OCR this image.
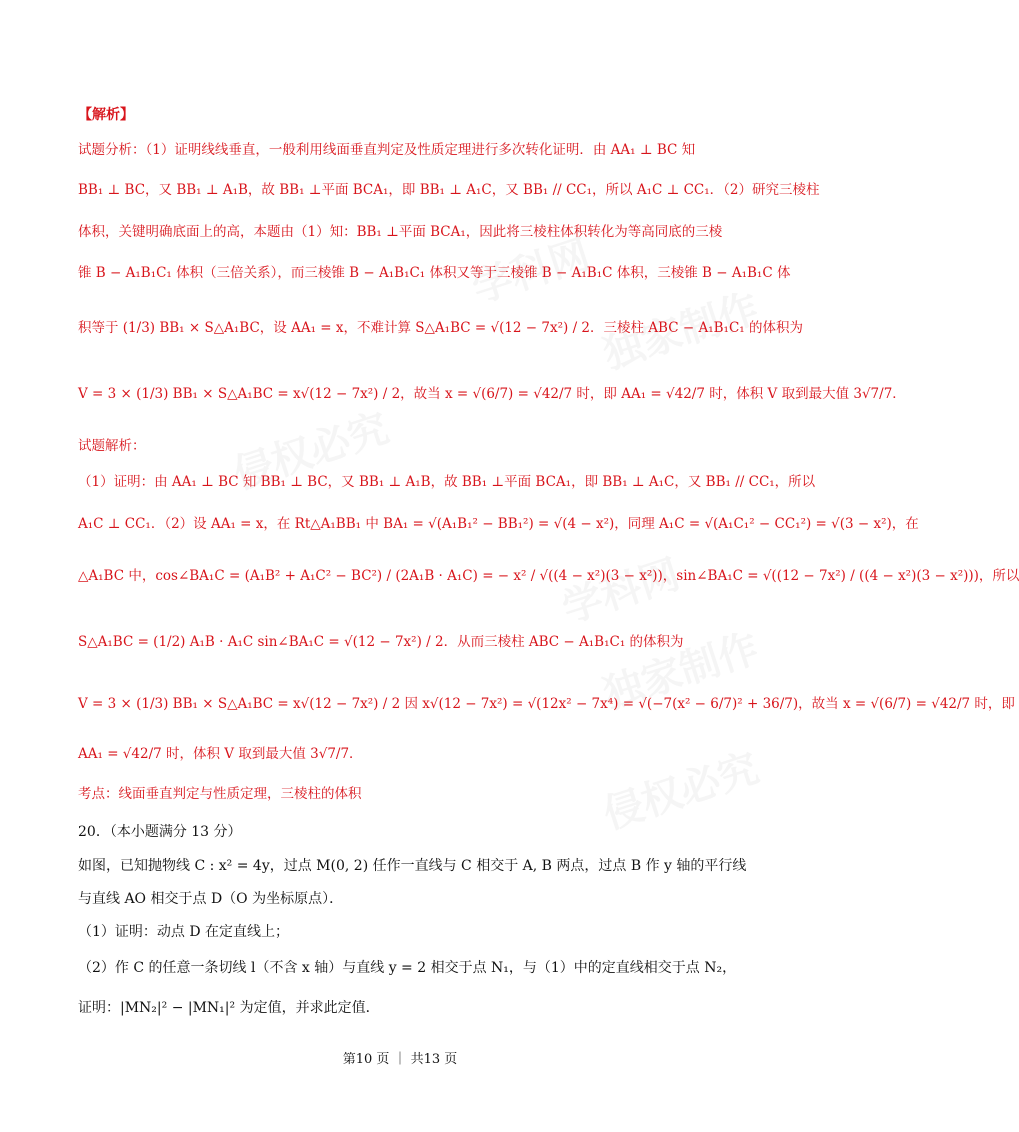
学科网
独家制作
侵权必究
学科网
独家制作
侵权必究
【解析】
试题分析：（1）证明线线垂直，一般利用线面垂直判定及性质定理进行多次转化证明．由 AA₁ ⊥ BC 知
BB₁ ⊥ BC，又 BB₁ ⊥ A₁B，故 BB₁ ⊥平面 BCA₁，即 BB₁ ⊥ A₁C，又 BB₁ // CC₁，所以 A₁C ⊥ CC₁．（2）研究三棱柱
体积，关键明确底面上的高，本题由（1）知：BB₁ ⊥平面 BCA₁，因此将三棱柱体积转化为等高同底的三棱
锥 B − A₁B₁C₁ 体积（三倍关系），而三棱锥 B − A₁B₁C₁ 体积又等于三棱锥 B − A₁B₁C 体积，三棱锥 B − A₁B₁C 体
积等于 (1/3) BB₁ × S△A₁BC，设 AA₁ = x，不难计算 S△A₁BC = √(12 − 7x²) / 2．三棱柱 ABC − A₁B₁C₁ 的体积为
V = 3 × (1/3) BB₁ × S△A₁BC = x√(12 − 7x²) / 2，故当 x = √(6/7) = √42/7 时，即 AA₁ = √42/7 时，体积 V 取到最大值 3√7/7．
试题解析：
（1）证明：由 AA₁ ⊥ BC 知 BB₁ ⊥ BC，又 BB₁ ⊥ A₁B，故 BB₁ ⊥平面 BCA₁，即 BB₁ ⊥ A₁C，又 BB₁ // CC₁，所以
A₁C ⊥ CC₁．（2）设 AA₁ = x，在 Rt△A₁BB₁ 中 BA₁ = √(A₁B₁² − BB₁²) = √(4 − x²)，同理 A₁C = √(A₁C₁² − CC₁²) = √(3 − x²)，在
△A₁BC 中，cos∠BA₁C = (A₁B² + A₁C² − BC²) / (2A₁B · A₁C) = − x² / √((4 − x²)(3 − x²))，sin∠BA₁C = √((12 − 7x²) / ((4 − x²)(3 − x²)))，所以
S△A₁BC = (1/2) A₁B · A₁C sin∠BA₁C = √(12 − 7x²) / 2．从而三棱柱 ABC − A₁B₁C₁ 的体积为
V = 3 × (1/3) BB₁ × S△A₁BC = x√(12 − 7x²) / 2 因 x√(12 − 7x²) = √(12x² − 7x⁴) = √(−7(x² − 6/7)² + 36/7)，故当 x = √(6/7) = √42/7 时，即
AA₁ = √42/7 时，体积 V 取到最大值 3√7/7．
考点：线面垂直判定与性质定理，三棱柱的体积
20．（本小题满分 13 分）
如图，已知抛物线 C : x² = 4y，过点 M(0, 2) 任作一直线与 C 相交于 A, B 两点，过点 B 作 y 轴的平行线
与直线 AO 相交于点 D（O 为坐标原点）．
（1）证明：动点 D 在定直线上；
（2）作 C 的任意一条切线 l（不含 x 轴）与直线 y = 2 相交于点 N₁，与（1）中的定直线相交于点 N₂，
证明：|MN₂|² − |MN₁|² 为定值，并求此定值．
第10 页 ｜ 共13 页
